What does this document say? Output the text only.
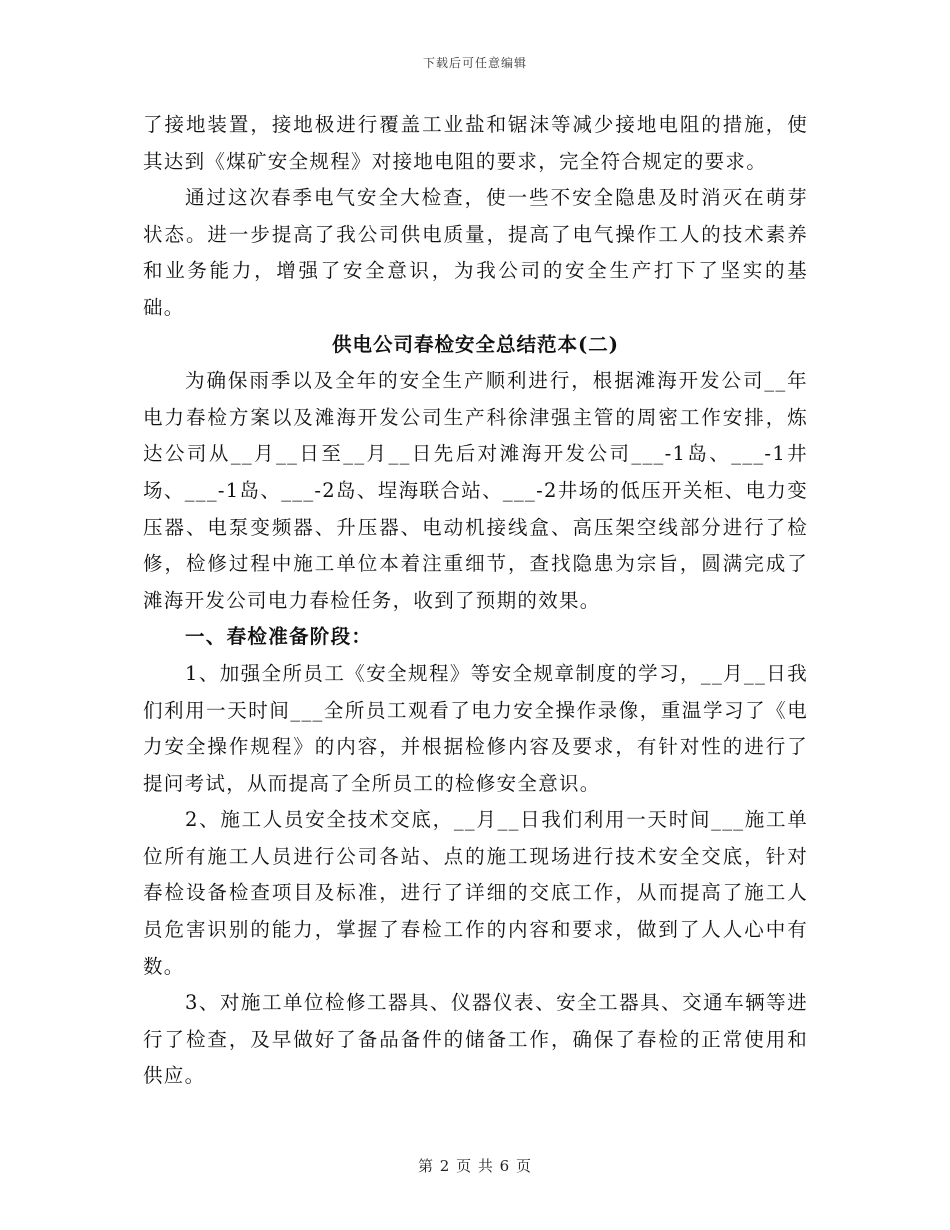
下载后可任意编辑

了接地装置，接地极进行覆盖工业盐和锯沫等减少接地电阻的措施，使其达到《煤矿安全规程》对接地电阻的要求，完全符合规定的要求。

通过这次春季电气安全大检查，使一些不安全隐患及时消灭在萌芽状态。进一步提高了我公司供电质量，提高了电气操作工人的技术素养和业务能力，增强了安全意识，为我公司的安全生产打下了坚实的基础。

供电公司春检安全总结范本(二)

为确保雨季以及全年的安全生产顺利进行，根据滩海开发公司__年电力春检方案以及滩海开发公司生产科徐津强主管的周密工作安排，炼达公司从__月__日至__月__日先后对滩海开发公司___-1岛、___-1井场、___-1岛、___-2岛、埕海联合站、___-2井场的低压开关柜、电力变压器、电泵变频器、升压器、电动机接线盒、高压架空线部分进行了检修，检修过程中施工单位本着注重细节，查找隐患为宗旨，圆满完成了滩海开发公司电力春检任务，收到了预期的效果。

一、春检准备阶段：

1、加强全所员工《安全规程》等安全规章制度的学习，__月__日我们利用一天时间___全所员工观看了电力安全操作录像，重温学习了《电力安全操作规程》的内容，并根据检修内容及要求，有针对性的进行了提问考试，从而提高了全所员工的检修安全意识。

2、施工人员安全技术交底，__月__日我们利用一天时间___施工单位所有施工人员进行公司各站、点的施工现场进行技术安全交底，针对春检设备检查项目及标准，进行了详细的交底工作，从而提高了施工人员危害识别的能力，掌握了春检工作的内容和要求，做到了人人心中有数。

3、对施工单位检修工器具、仪器仪表、安全工器具、交通车辆等进行了检查，及早做好了备品备件的储备工作，确保了春检的正常使用和供应。

第 2 页 共 6 页
